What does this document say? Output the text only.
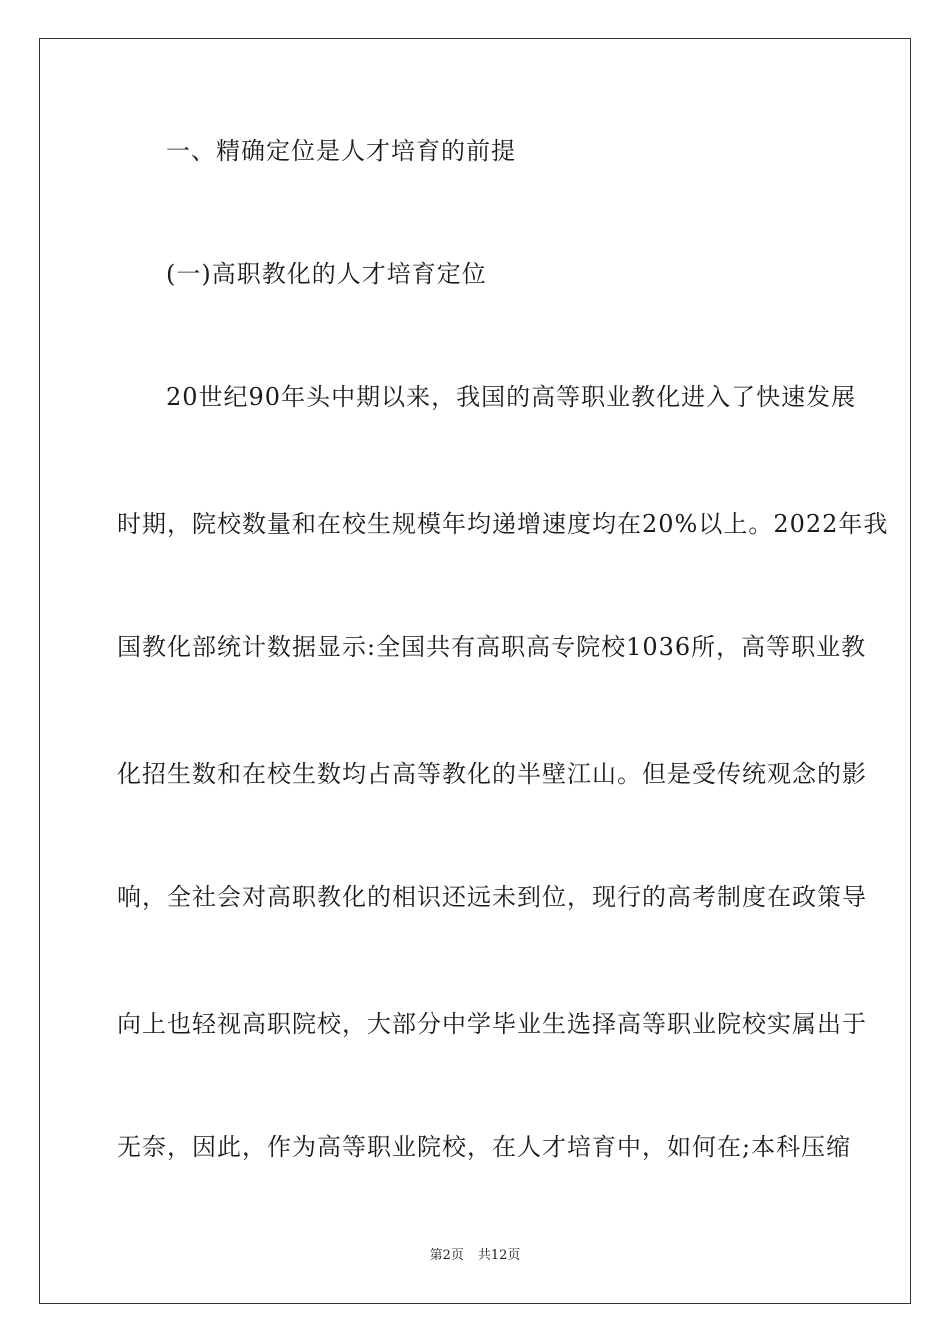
一、精确定位是人才培育的前提
(一)高职教化的人才培育定位
20世纪90年头中期以来，我国的高等职业教化进入了快速发展
时期，院校数量和在校生规模年均递增速度均在20%以上。2022年我
国教化部统计数据显示:全国共有高职高专院校1036所，高等职业教
化招生数和在校生数均占高等教化的半壁江山。但是受传统观念的影
响，全社会对高职教化的相识还远未到位，现行的高考制度在政策导
向上也轻视高职院校，大部分中学毕业生选择高等职业院校实属出于
无奈，因此，作为高等职业院校，在人才培育中，如何在;本科压缩
第2页 共12页
